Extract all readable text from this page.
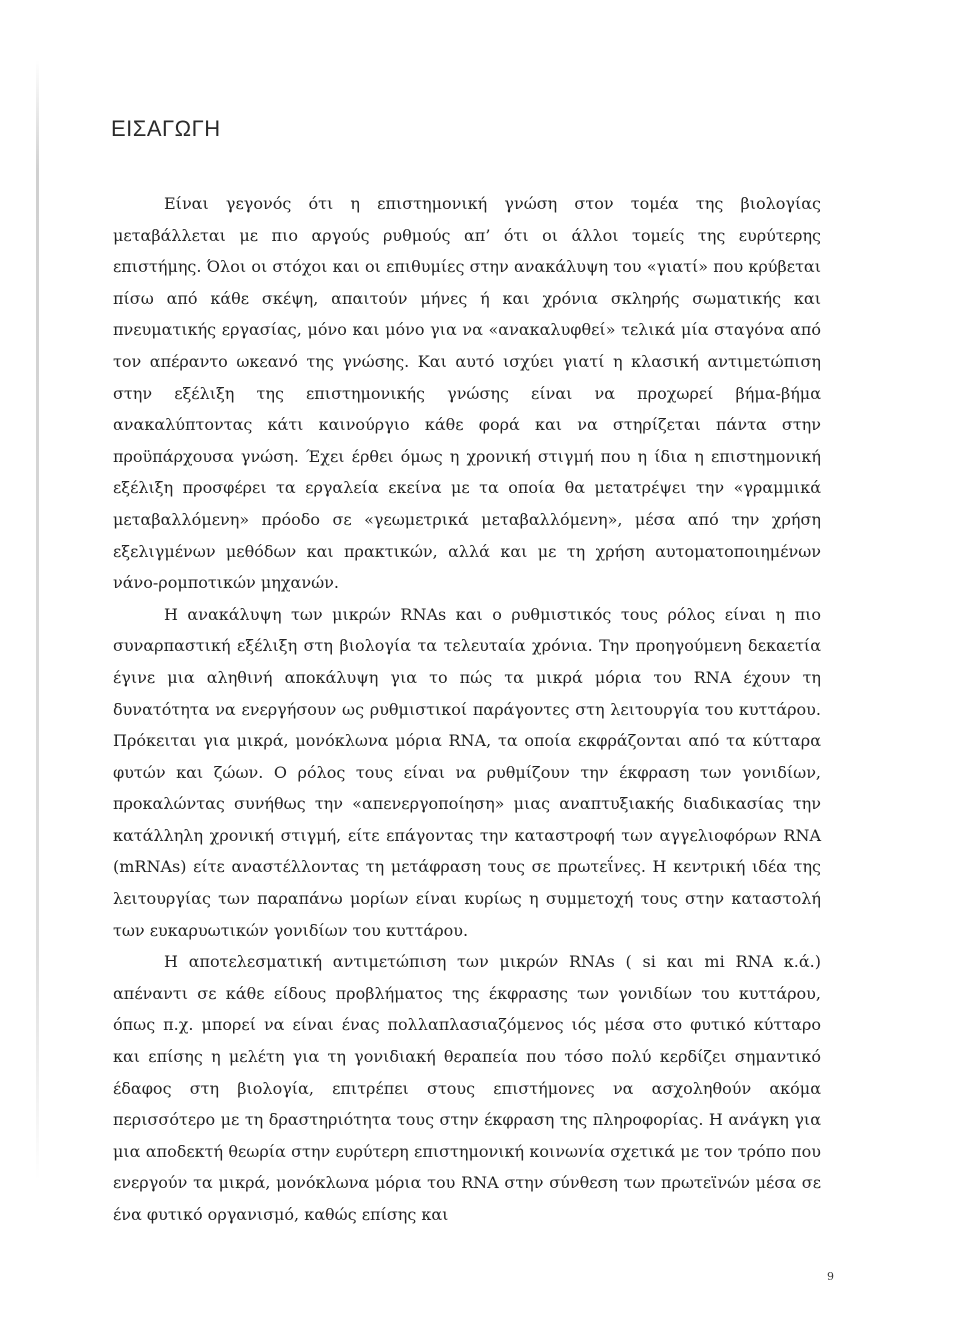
ΕΙΣΑΓΩΓΗ

Είναι γεγονός ότι η επιστημονική γνώση στον τομέα της βιολογίας μεταβάλλεται με πιο αργούς ρυθμούς απ’ ότι οι άλλοι τομείς της ευρύτερης επιστήμης. Όλοι οι στόχοι και οι επιθυμίες στην ανακάλυψη του «γιατί» που κρύβεται πίσω από κάθε σκέψη, απαιτούν μήνες ή και χρόνια σκληρής σωματικής και πνευματικής εργασίας, μόνο και μόνο για να «ανακαλυφθεί» τελικά μία σταγόνα από τον απέραντο ωκεανό της γνώσης. Και αυτό ισχύει γιατί η κλασική αντιμετώπιση στην εξέλιξη της επιστημονικής γνώσης είναι να προχωρεί βήμα-βήμα ανακαλύπτοντας κάτι καινούργιο κάθε φορά και να στηρίζεται πάντα στην προϋπάρχουσα γνώση. Έχει έρθει όμως η χρονική στιγμή που η ίδια η επιστημονική εξέλιξη προσφέρει τα εργαλεία εκείνα με τα οποία θα μετατρέψει την «γραμμικά μεταβαλλόμενη» πρόοδο σε «γεωμετρικά μεταβαλλόμενη», μέσα από την χρήση εξελιγμένων μεθόδων και πρακτικών, αλλά και με τη χρήση αυτοματοποιημένων νάνο-ρομποτικών μηχανών.

Η ανακάλυψη των μικρών RNAs και ο ρυθμιστικός τους ρόλος είναι η πιο συναρπαστική εξέλιξη στη βιολογία τα τελευταία χρόνια. Την προηγούμενη δεκαετία έγινε μια αληθινή αποκάλυψη για το πώς τα μικρά μόρια του RNA έχουν τη δυνατότητα να ενεργήσουν ως ρυθμιστικοί παράγοντες στη λειτουργία του κυττάρου. Πρόκειται για μικρά, μονόκλωνα μόρια RNA, τα οποία εκφράζονται από τα κύτταρα φυτών και ζώων. Ο ρόλος τους είναι να ρυθμίζουν την έκφραση των γονιδίων, προκαλώντας συνήθως την «απενεργοποίηση» μιας αναπτυξιακής διαδικασίας την κατάλληλη χρονική στιγμή, είτε επάγοντας την καταστροφή των αγγελιοφόρων RNA (mRNAs) είτε αναστέλλοντας τη μετάφραση τους σε πρωτεΐνες. Η κεντρική ιδέα της λειτουργίας των παραπάνω μορίων είναι κυρίως η συμμετοχή τους στην καταστολή των ευκαρυωτικών γονιδίων του κυττάρου.

Η αποτελεσματική αντιμετώπιση των μικρών RNAs ( si και mi RNA κ.ά.) απέναντι σε κάθε είδους προβλήματος της έκφρασης των γονιδίων του κυττάρου, όπως π.χ. μπορεί να είναι ένας πολλαπλασιαζόμενος ιός μέσα στο φυτικό κύτταρο και επίσης η μελέτη για τη γονιδιακή θεραπεία που τόσο πολύ κερδίζει σημαντικό έδαφος στη βιολογία, επιτρέπει στους επιστήμονες να ασχοληθούν ακόμα περισσότερο με τη δραστηριότητα τους στην έκφραση της πληροφορίας. Η ανάγκη για μια αποδεκτή θεωρία στην ευρύτερη επιστημονική κοινωνία σχετικά με τον τρόπο που ενεργούν τα μικρά, μονόκλωνα μόρια του RNA στην σύνθεση των πρωτεϊνών μέσα σε ένα φυτικό οργανισμό, καθώς επίσης και

9
